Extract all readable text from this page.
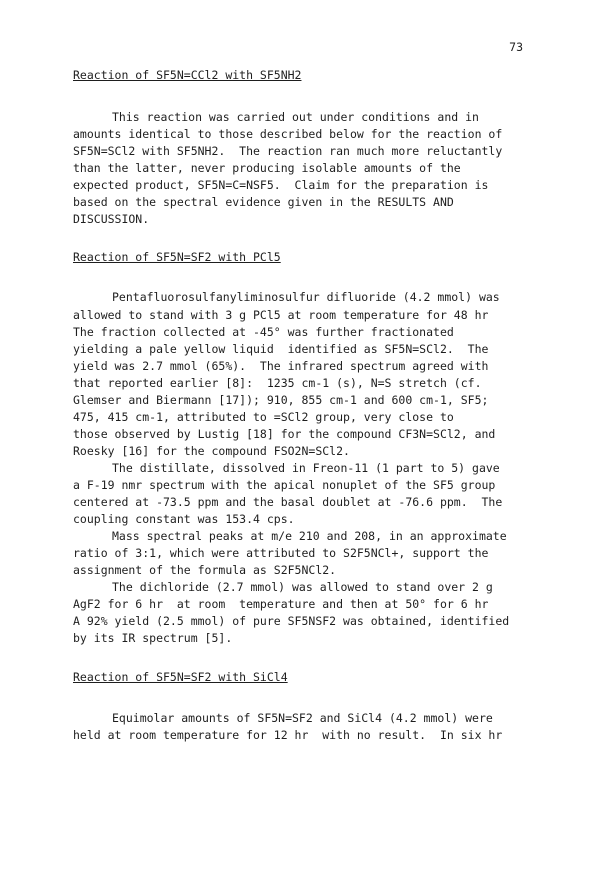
73
Reaction of SF5N=CCl2 with SF5NH2
This reaction was carried out under conditions and in
amounts identical to those described below for the reaction of
SF5N=SCl2 with SF5NH2.  The reaction ran much more reluctantly
than the latter, never producing isolable amounts of the
expected product, SF5N=C=NSF5.  Claim for the preparation is
based on the spectral evidence given in the RESULTS AND
DISCUSSION.
Reaction of SF5N=SF2 with PCl5
Pentafluorosulfanyliminosulfur difluoride (4.2 mmol) was
allowed to stand with 3 g PCl5 at room temperature for 48 hr
The fraction collected at -45° was further fractionated
yielding a pale yellow liquid  identified as SF5N=SCl2.  The
yield was 2.7 mmol (65%).  The infrared spectrum agreed with
that reported earlier [8]:  1235 cm-1 (s), N=S stretch (cf.
Glemser and Biermann [17]); 910, 855 cm-1 and 600 cm-1, SF5;
475, 415 cm-1, attributed to =SCl2 group, very close to
those observed by Lustig [18] for the compound CF3N=SCl2, and
Roesky [16] for the compound FSO2N=SCl2.
The distillate, dissolved in Freon-11 (1 part to 5) gave
a F-19 nmr spectrum with the apical nonuplet of the SF5 group
centered at -73.5 ppm and the basal doublet at -76.6 ppm.  The
coupling constant was 153.4 cps.
Mass spectral peaks at m/e 210 and 208, in an approximate
ratio of 3:1, which were attributed to S2F5NCl+, support the
assignment of the formula as S2F5NCl2.
The dichloride (2.7 mmol) was allowed to stand over 2 g
AgF2 for 6 hr  at room  temperature and then at 50° for 6 hr
A 92% yield (2.5 mmol) of pure SF5NSF2 was obtained, identified
by its IR spectrum [5].
Reaction of SF5N=SF2 with SiCl4
Equimolar amounts of SF5N=SF2 and SiCl4 (4.2 mmol) were
held at room temperature for 12 hr  with no result.  In six hr
